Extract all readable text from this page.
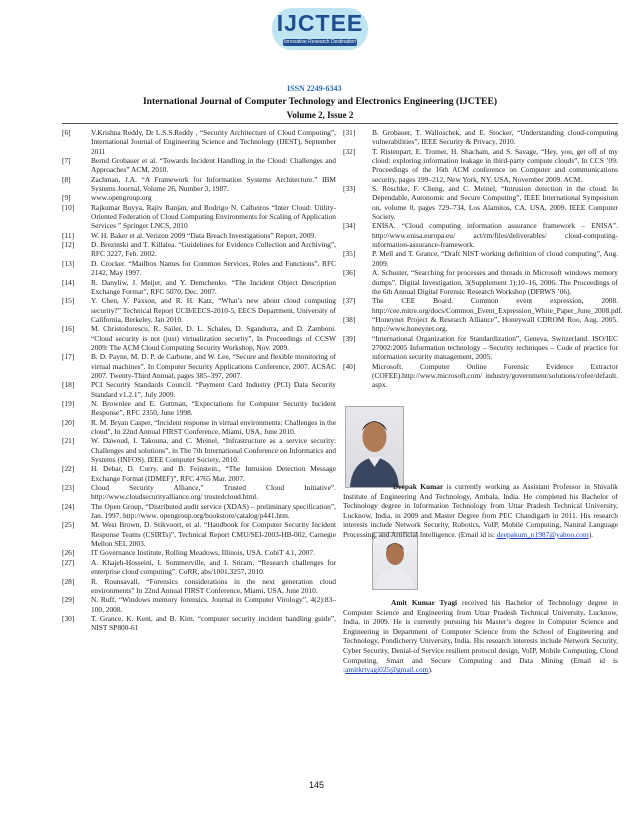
IJCTEE
Innovative Research Destination
ISSN 2249-6343
International Journal of Computer Technology and Electronics Engineering (IJCTEE)
Volume 2, Issue 2

[6]	V.Krishna Reddy, Dr L.S.S.Reddy , “Security Architecture of Cloud Computing”, International Journal of Engineering Science and Technology (IJEST), September 2011

[7]	Bernd Grobauer et al. “Towards Incident Handling in the Cloud: Challenges and Approaches” ACM, 2010.

[8]	Zachman, J.A. “A Framework for Information Systems Architecture.” IBM Systems Journal, Volume 26, Number 3, 1987.

[9]	www.opengroup.org

[10] Rajkumar Buyya, Rajiv Ranjan, and Rodrigo N. Calheiros “Inter Cloud: Utility-Oriented Federation of Cloud Computing Environments for Scaling of Application Services ” Springer LNCS, 2010

[11] W. H. Baker et al. Verizon 2009 “Data Breach Investigations” Report, 2009.

[12] D. Brezinski and T. Killalea. “Guidelines for Evidence Collection and Archiving”, RFC 3227, Feb. 2002.

[13] D. Crocker. “Mailbox Names for Common Services, Roles and Functions”, RFC 2142, May 1997.

[14] R. Danyliw, J. Meijer, and Y. Demchenko. “The Incident Object Description Exchange Format”, RFC 5070, Dec. 2007.

[15] Y. Chen, V. Paxson, and R. H. Katz, “What’s new about cloud computing security?” Technical Report UCB/EECS-2010-5, EECS Department, University of California, Berkeley, Jan 2010.

[16] M. Christodorescu, R. Sailer, D. L. Schales, D. Sgandurra, and D. Zamboni. “Cloud security is not (just) virtualization security”, In Proceedings of CCSW 2009: The ACM Cloud Computing Security Workshop, Nov. 2009.

[17] B. D. Payne, M. D. P. de Carbone, and W. Lee, “Secure and flexible monitoring of virtual machines”. In Computer Security Applications Conference, 2007. ACSAC 2007. Twenty-Third Annual, pages 385–397, 2007.

[18] PCI Security Standards Council. “Payment Card Industry (PCI) Data Security Standard v1.2.1”, July 2009.

[19] N. Brownlee and E. Guttman, “Expectations for Computer Security Incident Response”, RFC 2350, June 1998.

[20] R. M. Bryan Casper, “Incident response in virtual environments: Challenges in the cloud”, In 22nd Annual FIRST Conference, Miami, USA, June 2010.

[21] W. Dawoud, I. Takouna, and C. Meinel, “Infrastructure as a service security: Challenges and solutions”, in The 7th International Conference on Informatics and Systems (INFOS). IEEE Computer Society, 2010.

[22] H. Debar, D. Curry, and B. Feinstein., “The Intrusion Detection Message Exchange Format (IDMEF)”, RFC 4765 Mar. 2007.

[23] Cloud Security Alliance,” Trusted Cloud Initiative”. http://www.cloudsecurityalliance.org/ trustedcloud.html.

[24] The Open Group, “Distributed audit service (XDAS) – preliminary specification”, Jan. 1997. http://www. opengroup.org/bookstore/catalog/p441.htm.

[25] M. West Brown, D. Stikvoort, et al. “Handbook for Computer Security Incident Response Teams (CSIRTs)”, Technical Report CMU/SEI-2003-HB-002, Carnegie Mellon SEI, 2003.

[26] IT Governance Institute, Rolling Meadows, Illinois, USA. CobiT 4.1, 2007.

[27] A. Khajeh-Hosseini, I. Sommerville, and I. Sriram, “Research challenges for enterprise cloud computing”. CoRR, abs/1001.3257, 2010.

[28] R. Rounsavall, “Forensics considerations in the next generation cloud environments” In 22nd Annual FIRST Conference, Miami, USA, June 2010.

[29] N. Ruff, “Windows memory forensics. Journal in Computer Virology”, 4(2):83–100, 2008.

[30] T. Grance, K. Kent, and B. Kim. “computer security incident handling guide”, NIST SP800-61

[31] B. Grobauer, T. Walloschek, and E. Stocker, “Understanding cloud-computing vulnerabilities”, IEEE Security & Privacy, 2010.

[32] T. Ristenpart, E. Tromer, H. Shacham, and S. Savage, “Hey, you, get off of my cloud: exploring information leakage in third-party compute clouds”, In CCS ’09: Proceedings of the 16th ACM conference on Computer and communications security, pages 199–212, New York, NY, USA, November 2009. ACM.

[33] S. Roschke, F. Cheng, and C. Meinel, “Intrusion detection in the cloud. In Dependable, Autonomic and Secure Computing”, IEEE International Symposium on, volume 0, pages 729–734, Los Alamitos, CA, USA, 2009. IEEE Computer Society.

[34] ENISA. “Cloud computing information assurance framework – ENISA”. http://www.enisa.europa.eu/ act/rm/files/deliverables/ cloud-computing-information-assurance-framework.

[35] P. Mell and T. Grance, “Draft NIST working definition of cloud computing”, Aug. 2009.

[36] A. Schuster, “Searching for processes and threads in Microsoft windows memory dumps”. Digital Investigation, 3(Supplement 1):10–16, 2006. The Proceedings of the 6th Annual Digital Forensic Research Workshop (DFRWS ’06).

[37] The CEE Board. Common event expression, 2008. http://cee.mitre.org/docs/Common_Event_Expression_White_Paper_June_2008.pdf.

[38] “Honeynet Project & Research Alliance”, Honeywall CDROM Roo, Aug. 2005. http://www.honeynet.org.

[39] “International Organization for Standardization”, Geneva, Switzerland. ISO/IEC 27002:2005 Information technology – Security techniques – Code of practice for information security management, 2005.

[40] Microsoft. Computer Online Forensic Evidence Extractor (COFEE).http://www.microsoft.com/ industry/government/solutions/cofee/default. aspx.

Deepak Kumar is currently working as Assistant Professor in Shivalik Institute of Engineering And Technology, Ambala, India. He completed his Bachelor of Technology degree in Information Technology from Uttar Pradesh Technical University, Lucknow, India, in 2009 and Master Degree from PEC Chandigarh in 2011. His research interests include Network Security, Robotics, VoIP, Mobile Computing, Natural Language Processing, and Artificial Intelligence. (Email id is: deepakum_n1987@yahoo.com).
Amit Kumar Tyagi received his Bachelor of Technology degree in Computer Science and Engineering from Uttar Pradesh Technical University, Lucknow, India, in 2009. He is currently pursuing his Master’s degree in Computer Science and Engineering in Department of Computer Science from the School of Engineering and Technology, Pondicherry University, India. His research interests include Network Security, Cyber Security, Denial-of Service resilient protocol design, VoIP, Mobile Computing, Cloud Computing, Smart and Secure Computing and Data Mining (Email id is :amitkrtyagi025@gmail.com).
145
